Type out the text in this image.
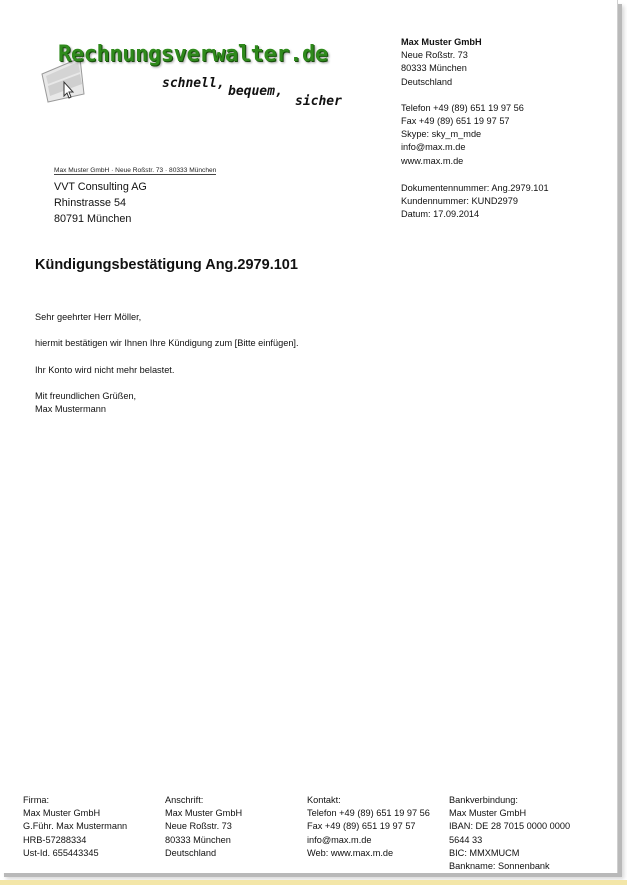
Rechnungsverwalter.de
schnell,
bequem,
sicher
Max Muster GmbH
Neue Roßstr. 73
80333 München
Deutschland
Telefon +49 (89) 651 19 97 56
Fax +49 (89) 651 19 97 57
Skype: sky_m_mde
info@max.m.de
www.max.m.de
Max Muster GmbH · Neue Roßstr. 73 · 80333 München
VVT Consulting AG
Rhinstrasse 54
80791 München
Dokumentennummer: Ang.2979.101
Kundennummer: KUND2979
Datum: 17.09.2014
Kündigungsbestätigung Ang.2979.101
Sehr geehrter Herr Möller,
hiermit bestätigen wir Ihnen Ihre Kündigung zum [Bitte einfügen].
Ihr Konto wird nicht mehr belastet.
Mit freundlichen Grüßen,
Max Mustermann
Firma:
Max Muster GmbH
G.Führ. Max Mustermann
HRB-57288334
Ust-Id. 655443345
Anschrift:
Max Muster GmbH
Neue Roßstr. 73
80333 München
Deutschland
Kontakt:
Telefon +49 (89) 651 19 97 56
Fax +49 (89) 651 19 97 57
info@max.m.de
Web: www.max.m.de
Bankverbindung:
Max Muster GmbH
IBAN: DE 28 7015 0000 0000
5644 33
BIC: MMXMUCM
Bankname: Sonnenbank
